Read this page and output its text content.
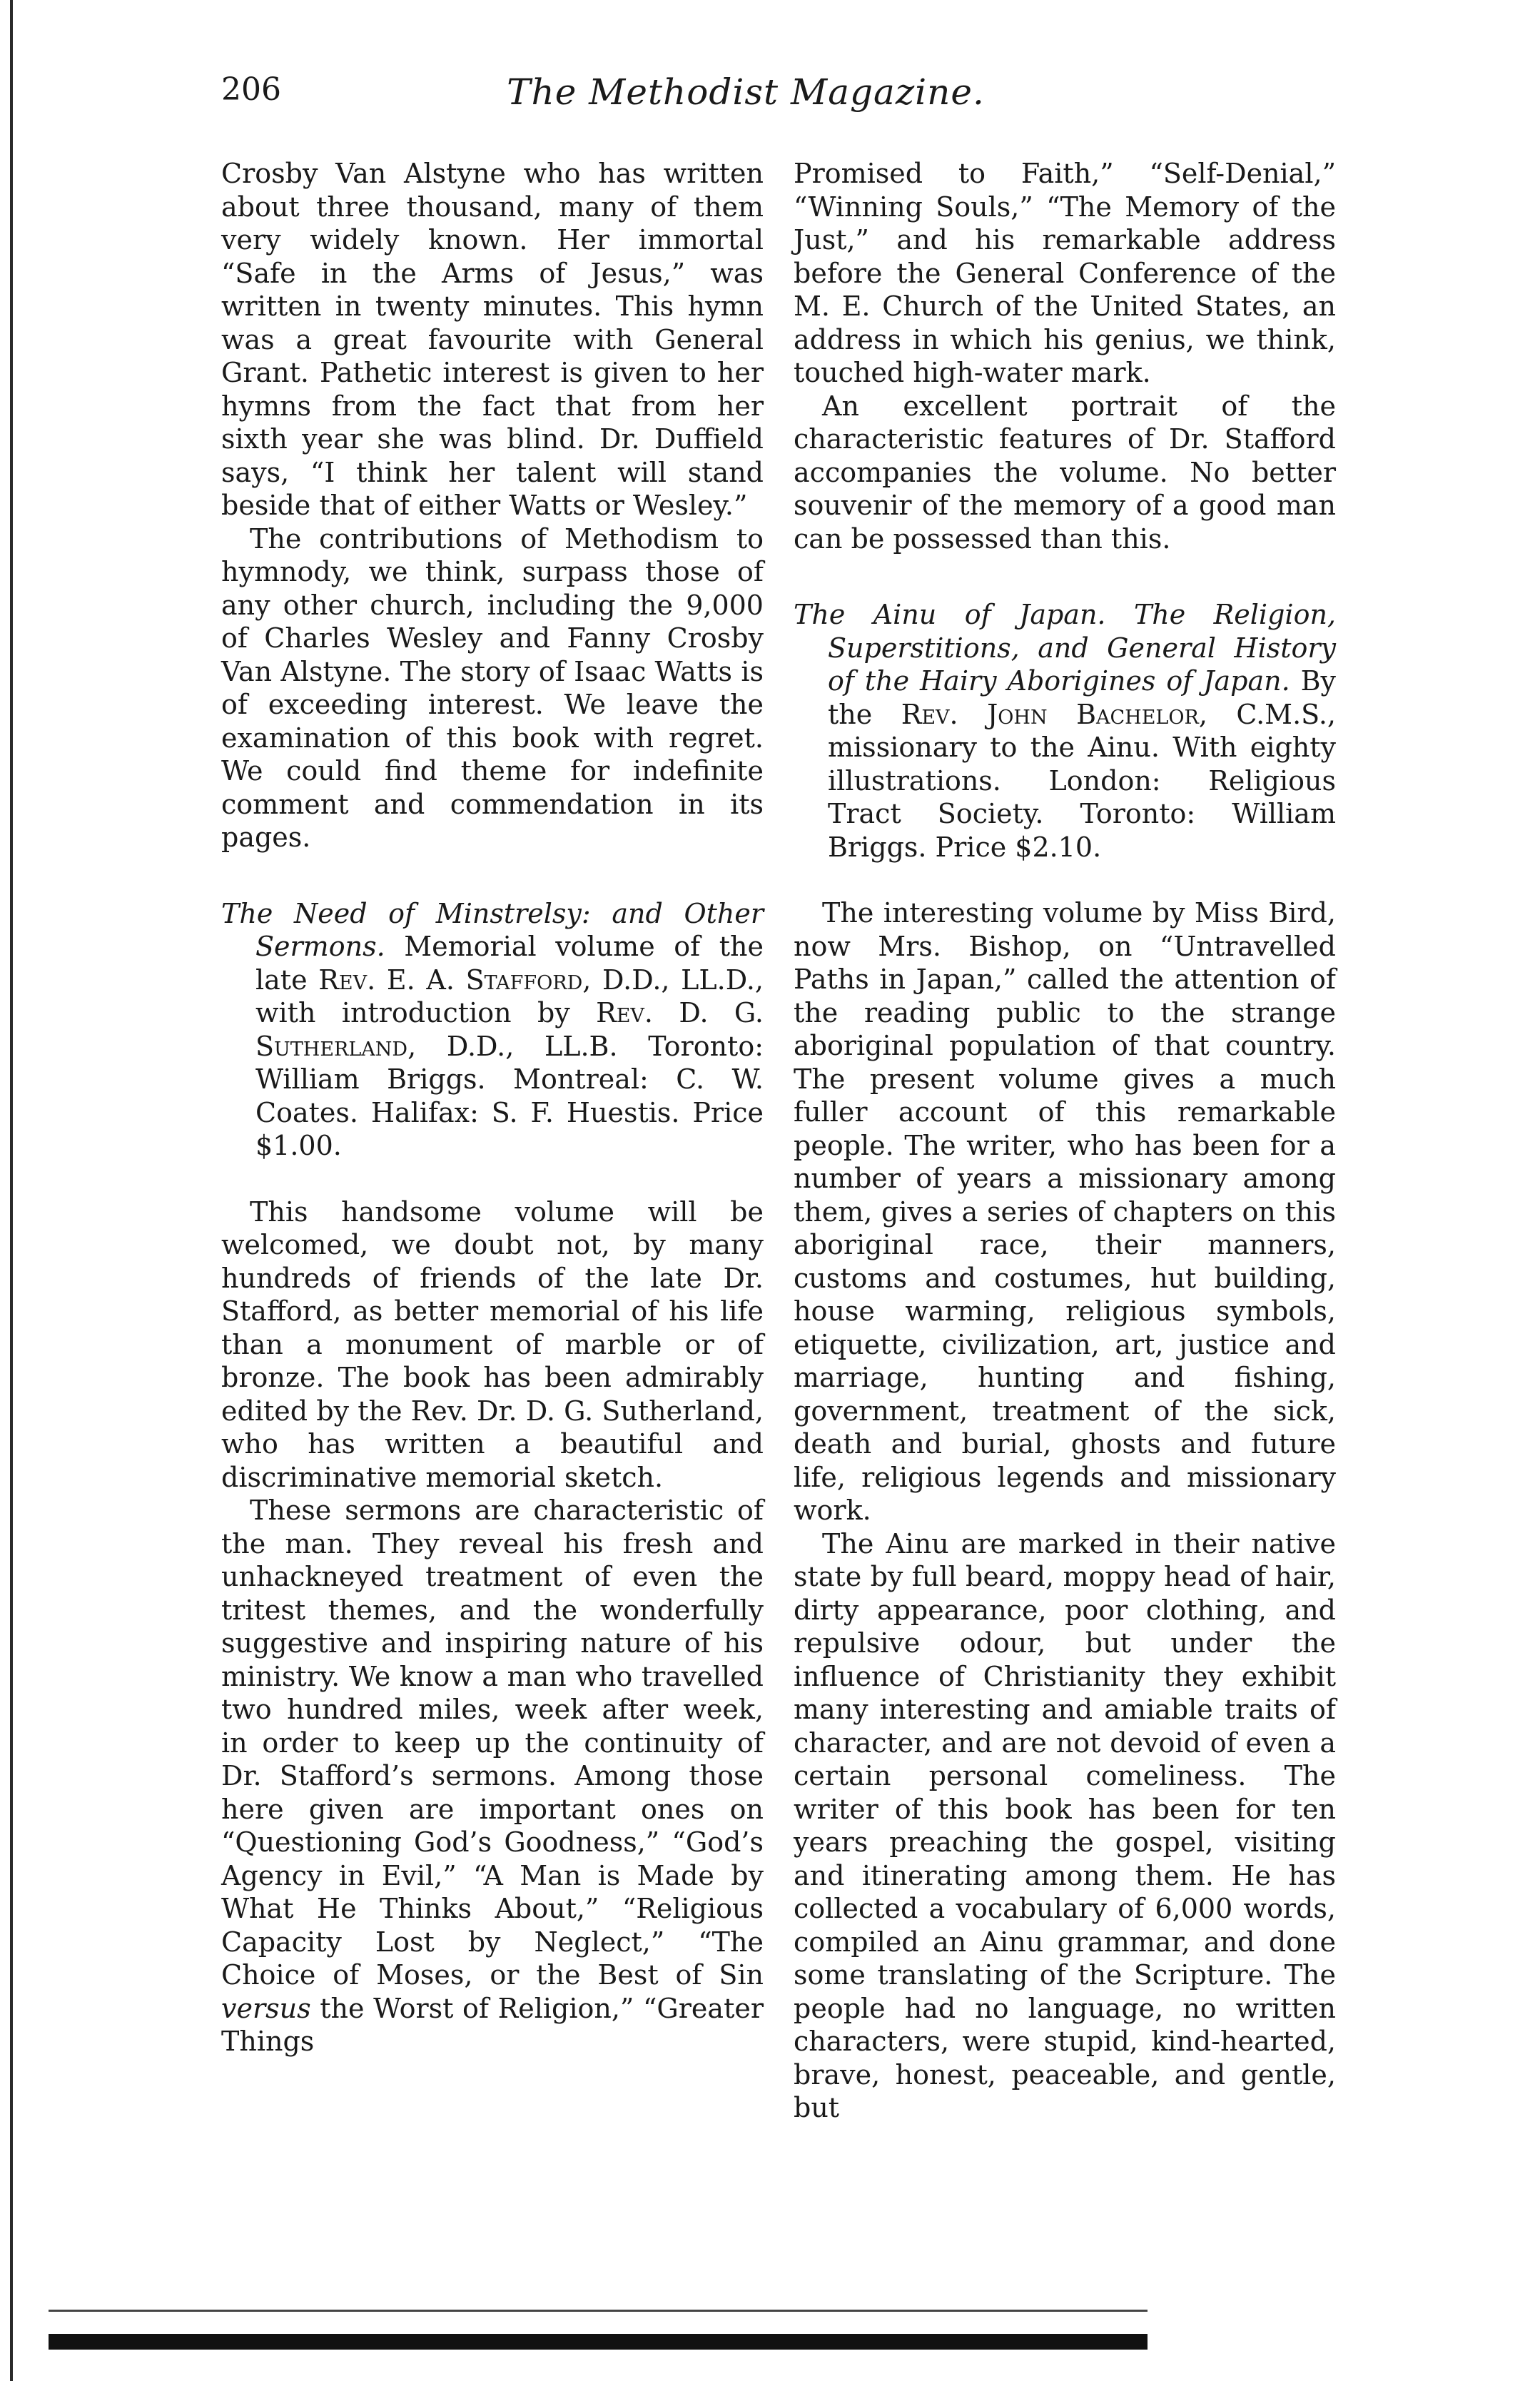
The Methodist Magazine.
206

Crosby Van Alstyne who has written about three thousand, many of them very widely known. Her immortal “Safe in the Arms of Jesus,” was written in twenty minutes. This hymn was a great favourite with General Grant. Pathetic interest is given to her hymns from the fact that from her sixth year she was blind. Dr. Duffield says, “I think her talent will stand beside that of either Watts or Wesley.”

The contributions of Methodism to hymnody, we think, surpass those of any other church, including the 9,000 of Charles Wesley and Fanny Crosby Van Alstyne. The story of Isaac Watts is of exceeding interest. We leave the examination of this book with regret. We could find theme for indefinite comment and commendation in its pages.

The Need of Minstrelsy: and Other Sermons. Memorial volume of the late Rev. E. A. Stafford, D.D., LL.D., with introduction by Rev. D. G. Sutherland, D.D., LL.B. Toronto: William Briggs. Montreal: C. W. Coates. Halifax: S. F. Huestis. Price $1.00.

This handsome volume will be welcomed, we doubt not, by many hundreds of friends of the late Dr. Stafford, as better memorial of his life than a monument of marble or of bronze. The book has been admirably edited by the Rev. Dr. D. G. Sutherland, who has written a beautiful and discriminative memorial sketch.

These sermons are characteristic of the man. They reveal his fresh and unhackneyed treatment of even the tritest themes, and the wonderfully suggestive and inspiring nature of his ministry. We know a man who travelled two hundred miles, week after week, in order to keep up the continuity of Dr. Stafford’s sermons. Among those here given are important ones on “Questioning God’s Goodness,” “God’s Agency in Evil,” “A Man is Made by What He Thinks About,” “Religious Capacity Lost by Neglect,” “The Choice of Moses, or the Best of Sin versus the Worst of Religion,” “Greater Things

Promised to Faith,” “Self-Denial,” “Winning Souls,” “The Memory of the Just,” and his remarkable address before the General Conference of the M. E. Church of the United States, an address in which his genius, we think, touched high-water mark.

An excellent portrait of the characteristic features of Dr. Stafford accompanies the volume. No better souvenir of the memory of a good man can be possessed than this.

The Ainu of Japan. The Religion, Superstitions, and General History of the Hairy Aborigines of Japan. By the Rev. John Bachelor, C.M.S., missionary to the Ainu. With eighty illustrations. London: Religious Tract Society. Toronto: William Briggs. Price $2.10.

The interesting volume by Miss Bird, now Mrs. Bishop, on “Untravelled Paths in Japan,” called the attention of the reading public to the strange aboriginal population of that country. The present volume gives a much fuller account of this remarkable people. The writer, who has been for a number of years a missionary among them, gives a series of chapters on this aboriginal race, their manners, customs and costumes, hut building, house warming, religious symbols, etiquette, civilization, art, justice and marriage, hunting and fishing, government, treatment of the sick, death and burial, ghosts and future life, religious legends and missionary work.

The Ainu are marked in their native state by full beard, moppy head of hair, dirty appearance, poor clothing, and repulsive odour, but under the influence of Christianity they exhibit many interesting and amiable traits of character, and are not devoid of even a certain personal comeliness. The writer of this book has been for ten years preaching the gospel, visiting and itinerating among them. He has collected a vocabulary of 6,000 words, compiled an Ainu grammar, and done some translating of the Scripture. The people had no language, no written characters, were stupid, kind-hearted, brave, honest, peaceable, and gentle, but
